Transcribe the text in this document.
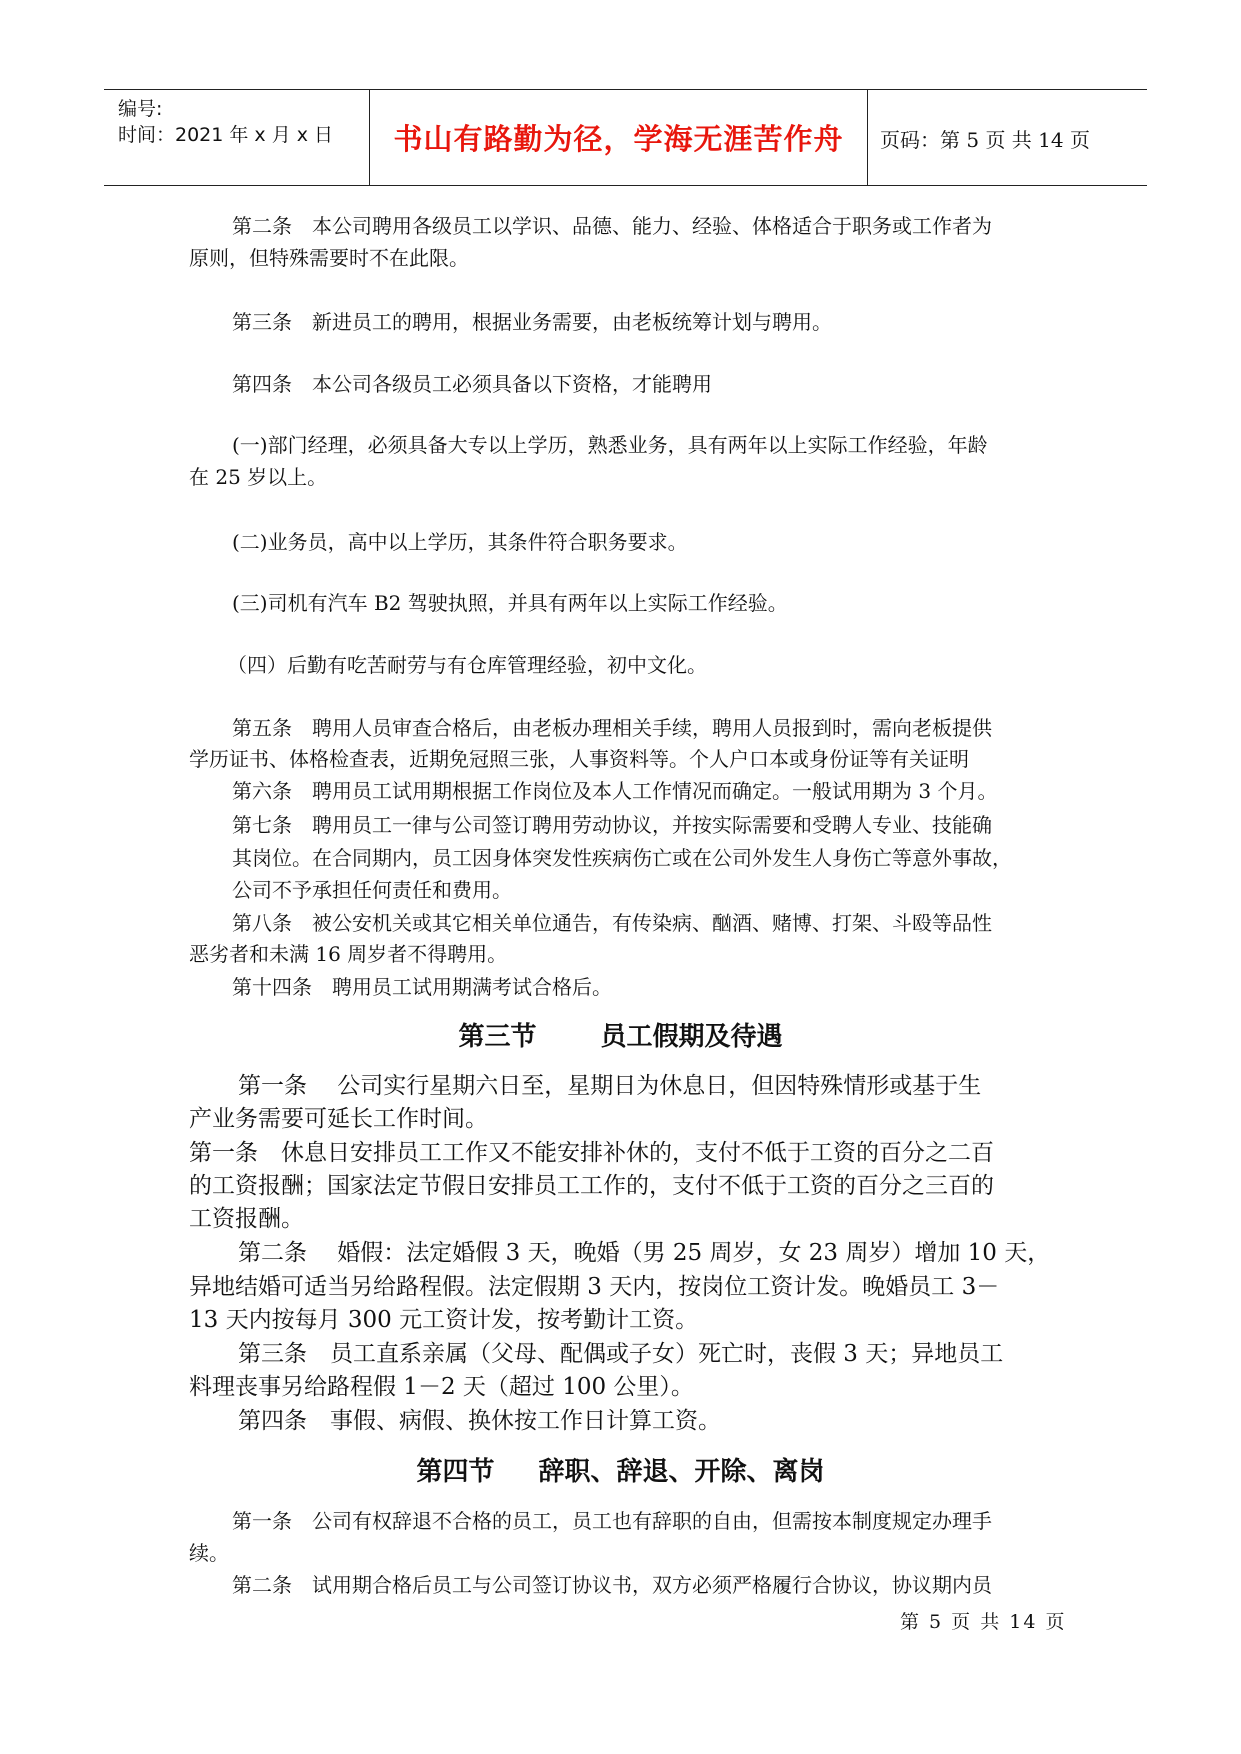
编号:
时间：2021 年 x 月 x 日	书山有路勤为径，学海无涯苦作舟	页码：第 5 页 共 14 页
第二条　本公司聘用各级员工以学识、品德、能力、经验、体格适合于职务或工作者为
原则，但特殊需要时不在此限。
第三条　新进员工的聘用，根据业务需要，由老板统筹计划与聘用。
第四条　本公司各级员工必须具备以下资格，才能聘用
(一)部门经理，必须具备大专以上学历，熟悉业务，具有两年以上实际工作经验，年龄
在 25 岁以上。
(二)业务员，高中以上学历，其条件符合职务要求。
(三)司机有汽车 B2 驾驶执照，并具有两年以上实际工作经验。
（四）后勤有吃苦耐劳与有仓库管理经验，初中文化。
第五条　聘用人员审查合格后，由老板办理相关手续，聘用人员报到时，需向老板提供
学历证书、体格检查表，近期免冠照三张，人事资料等。个人户口本或身份证等有关证明
第六条　聘用员工试用期根据工作岗位及本人工作情况而确定。一般试用期为 3 个月。
第七条　聘用员工一律与公司签订聘用劳动协议，并按实际需要和受聘人专业、技能确
其岗位。在合同期内，员工因身体突发性疾病伤亡或在公司外发生人身伤亡等意外事故，
公司不予承担任何责任和费用。
第八条　被公安机关或其它相关单位通告，有传染病、酗酒、赌博、打架、斗殴等品性
恶劣者和未满 16 周岁者不得聘用。
第十四条　聘用员工试用期满考试合格后。
第三节 员工假期及待遇
第一条　 公司实行星期六日至，星期日为休息日，但因特殊情形或基于生
产业务需要可延长工作时间。
第一条　休息日安排员工工作又不能安排补休的，支付不低于工资的百分之二百
的工资报酬；国家法定节假日安排员工工作的，支付不低于工资的百分之三百的
工资报酬。
第二条　 婚假：法定婚假 3 天，晚婚（男 25 周岁，女 23 周岁）增加 10 天，
异地结婚可适当另给路程假。法定假期 3 天内，按岗位工资计发。晚婚员工 3－
13 天内按每月 300 元工资计发，按考勤计工资。
第三条　员工直系亲属（父母、配偶或子女）死亡时，丧假 3 天；异地员工
料理丧事另给路程假 1－2 天（超过 100 公里）。
第四条　事假、病假、换休按工作日计算工资。
第四节 辞职、辞退、开除、离岗
第一条　公司有权辞退不合格的员工，员工也有辞职的自由，但需按本制度规定办理手
续。
第二条　试用期合格后员工与公司签订协议书，双方必须严格履行合协议，协议期内员
第 5 页 共 14 页
